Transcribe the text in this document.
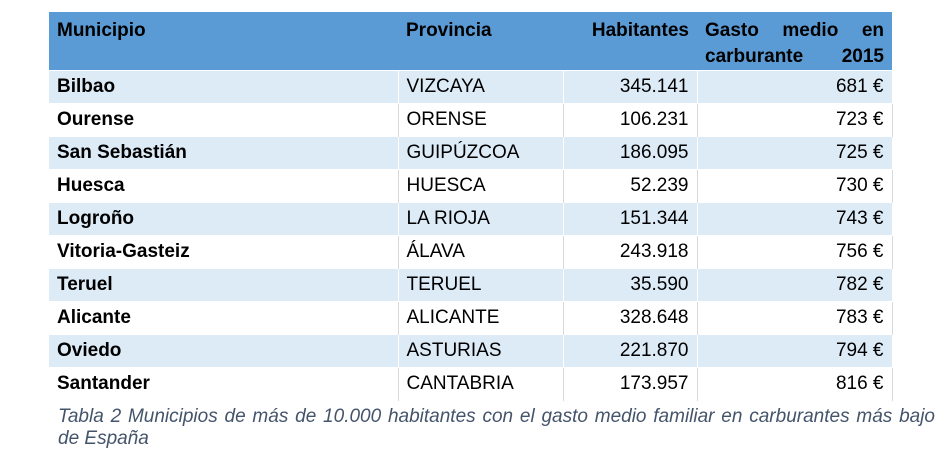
Municipio	Provincia	Habitantes	Gasto medio en
carburante 2015
Bilbao	VIZCAYA	345.141	681 €
Ourense	ORENSE	106.231	723 €
San Sebastián	GUIPÚZCOA	186.095	725 €
Huesca	HUESCA	52.239	730 €
Logroño	LA RIOJA	151.344	743 €
Vitoria-Gasteiz	ÁLAVA	243.918	756 €
Teruel	TERUEL	35.590	782 €
Alicante	ALICANTE	328.648	783 €
Oviedo	ASTURIAS	221.870	794 €
Santander	CANTABRIA	173.957	816 €
Tabla 2 Municipios de más de 10.000 habitantes con el gasto medio familiar en carburantes más bajo de España
